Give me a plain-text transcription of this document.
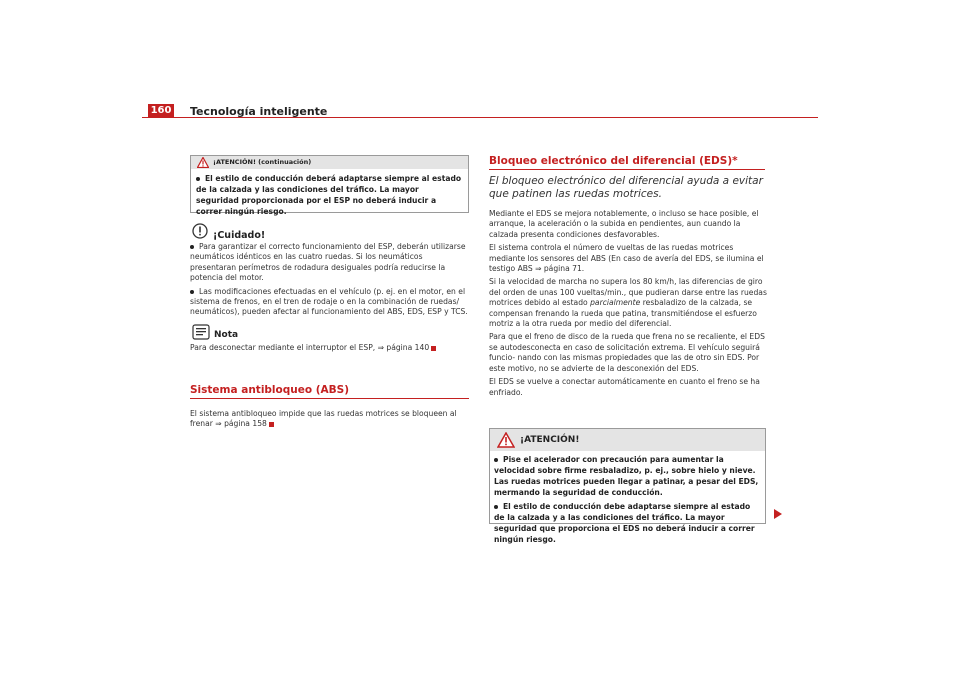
160 Tecnología inteligente
¡ATENCIÓN! (continuación)
El estilo de conducción deberá adaptarse siempre al estado de la calzada y las condiciones del tráfico. La mayor seguridad proporcionada por el ESP no deberá inducir a correr ningún riesgo.
¡Cuidado!

Para garantizar el correcto funcionamiento del ESP, deberán utilizarse neumáticos idénticos en las cuatro ruedas. Si los neumáticos presentaran perímetros de rodadura desiguales podría reducirse la potencia del motor.

Las modificaciones efectuadas en el vehículo (p. ej. en el motor, en el sistema de frenos, en el tren de rodaje o en la combinación de ruedas/ neumáticos), pueden afectar al funcionamiento del ABS, EDS, ESP y TCS.

Nota
Para desconectar mediante el interruptor el ESP, ⇒ página 140
Sistema antibloqueo (ABS)
El sistema antibloqueo impide que las ruedas motrices se bloqueen al frenar ⇒ página 158
Bloqueo electrónico del diferencial (EDS)*
El bloqueo electrónico del diferencial ayuda a evitar que patinen las ruedas motrices.

Mediante el EDS se mejora notablemente, o incluso se hace posible, el arranque, la aceleración o la subida en pendientes, aun cuando la calzada presenta condiciones desfavorables.

El sistema controla el número de vueltas de las ruedas motrices mediante los sensores del ABS (En caso de avería del EDS, se ilumina el testigo ABS ⇒ página 71.

Si la velocidad de marcha no supera los 80 km/h, las diferencias de giro del orden de unas 100 vueltas/min., que pudieran darse entre las ruedas motrices debido al estado parcialmente resbaladizo de la calzada, se compensan frenando la rueda que patina, transmitiéndose el esfuerzo motriz a la otra rueda por medio del diferencial.

Para que el freno de disco de la rueda que frena no se recaliente, el EDS se autodesconecta en caso de solicitación extrema. El vehículo seguirá funcio- nando con las mismas propiedades que las de otro sin EDS. Por este motivo, no se advierte de la desconexión del EDS.

El EDS se vuelve a conectar automáticamente en cuanto el freno se ha enfriado.

¡ATENCIÓN!

Pise el acelerador con precaución para aumentar la velocidad sobre firme resbaladizo, p. ej., sobre hielo y nieve. Las ruedas motrices pueden llegar a patinar, a pesar del EDS, mermando la seguridad de conducción.

El estilo de conducción debe adaptarse siempre al estado de la calzada y a las condiciones del tráfico. La mayor seguridad que proporciona el EDS no deberá inducir a correr ningún riesgo.
